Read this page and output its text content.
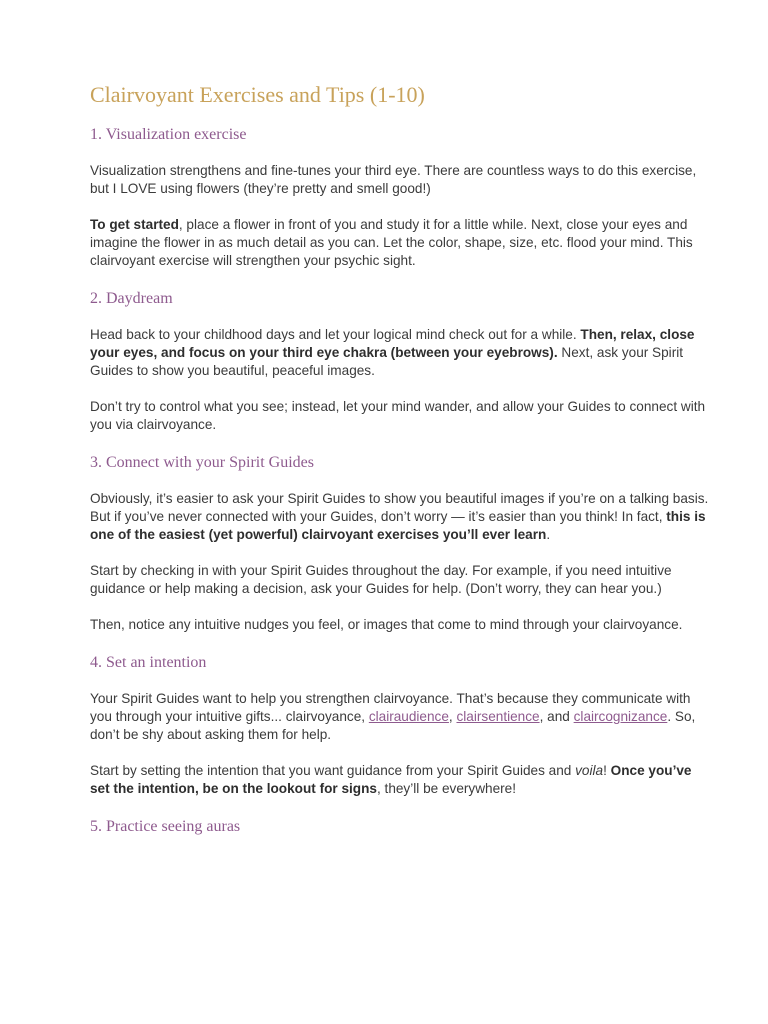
Clairvoyant Exercises and Tips (1-10)
1. Visualization exercise

Visualization strengthens and fine-tunes your third eye. There are countless ways to do this exercise, but I LOVE using flowers (they’re pretty and smell good!)

To get started, place a flower in front of you and study it for a little while. Next, close your eyes and imagine the flower in as much detail as you can. Let the color, shape, size, etc. flood your mind. This clairvoyant exercise will strengthen your psychic sight.

2. Daydream

Head back to your childhood days and let your logical mind check out for a while. Then, relax, close your eyes, and focus on your third eye chakra (between your eyebrows). Next, ask your Spirit Guides to show you beautiful, peaceful images.

Don’t try to control what you see; instead, let your mind wander, and allow your Guides to connect with you via clairvoyance.

3. Connect with your Spirit Guides

Obviously, it’s easier to ask your Spirit Guides to show you beautiful images if you’re on a talking basis. But if you’ve never connected with your Guides, don’t worry — it’s easier than you think! In fact, this is one of the easiest (yet powerful) clairvoyant exercises you’ll ever learn.

Start by checking in with your Spirit Guides throughout the day. For example, if you need intuitive guidance or help making a decision, ask your Guides for help. (Don’t worry, they can hear you.)

Then, notice any intuitive nudges you feel, or images that come to mind through your clairvoyance.

4. Set an intention

Your Spirit Guides want to help you strengthen clairvoyance. That’s because they communicate with you through your intuitive gifts... clairvoyance, clairaudience, clairsentience, and claircognizance. So, don’t be shy about asking them for help.

Start by setting the intention that you want guidance from your Spirit Guides and voila! Once you’ve set the intention, be on the lookout for signs, they’ll be everywhere!

5. Practice seeing auras
